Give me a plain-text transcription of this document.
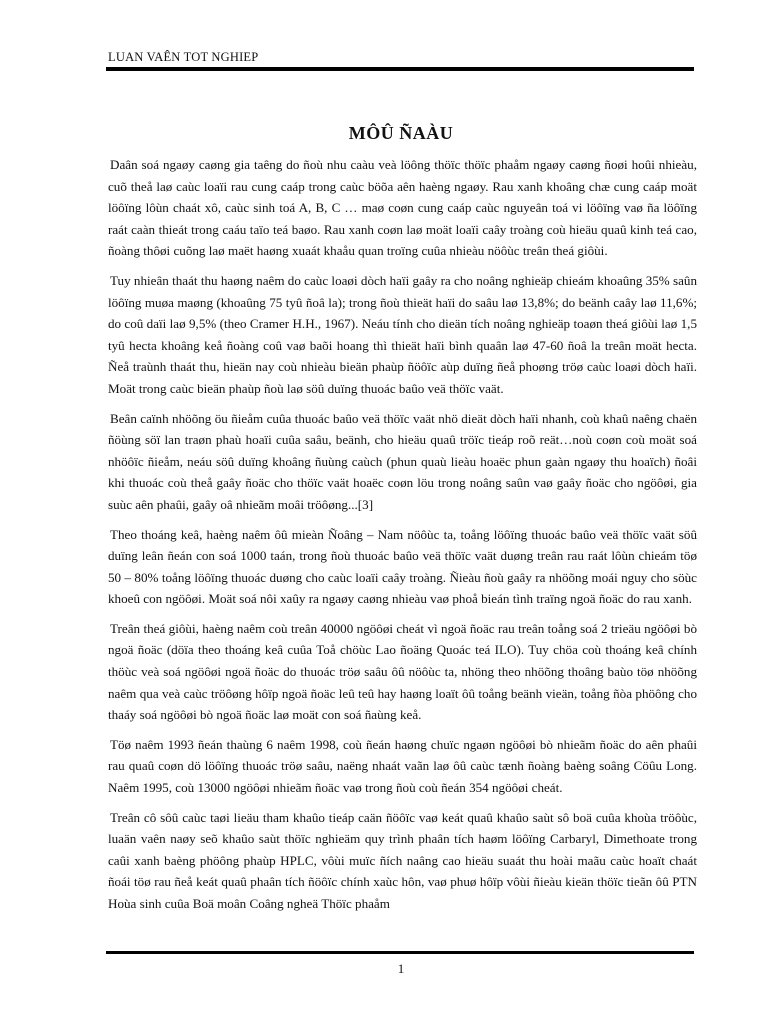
LUAN VAÊN TOT NGHIEP
MÔÛ ÑAÀU

Daân soá ngaøy caøng gia taêng do ñoù nhu caàu veà löông thöïc thöïc phaåm ngaøy caøng ñoøi hoûi nhieàu, cuõ theå laø caùc loaïi rau cung caáp trong caùc böõa aên haèng ngaøy. Rau xanh khoâng chæ cung caáp moät löôïng lôùn chaát xô, caùc sinh toá A, B, C … maø coøn cung caáp caùc nguyeân toá vi löôïng vaø ña löôïng raát caàn thieát trong caáu taïo teá baøo. Rau xanh coøn laø moät loaïi caây troàng coù hieäu quaû kinh teá cao, ñoàng thôøi cuõng laø maët haøng xuaát khaåu quan troïng cuûa nhieàu nöôùc treân theá giôùi.

Tuy nhieân thaát thu haøng naêm do caùc loaøi dòch haïi gaây ra cho noâng nghieäp chieám khoaûng 35% saûn löôïng muøa maøng (khoaûng 75 tyû ñoâ la); trong ñoù thieät haïi do saâu laø 13,8%; do beänh caây laø 11,6%; do coû daïi laø 9,5% (theo Cramer H.H., 1967). Neáu tính cho dieän tích noâng nghieäp toaøn theá giôùi laø 1,5 tyû hecta khoâng keå ñoàng coû vaø baõi hoang thì thieät haïi bình quaân laø 47-60 ñoâ la treân moät hecta. Ñeå traùnh thaát thu, hieän nay coù nhieàu bieän phaùp ñöôïc aùp duïng ñeå phoøng tröø caùc loaøi dòch haïi. Moät trong caùc bieän phaùp ñoù laø söû duïng thuoác baûo veä thöïc vaät.

Beân caïnh nhöõng öu ñieåm cuûa thuoác baûo veä thöïc vaät nhö dieät dòch haïi nhanh, coù khaû naêng chaën ñöùng söï lan traøn phaù hoaïi cuûa saâu, beänh, cho hieäu quaû tröïc tieáp roõ reät…noù coøn coù moät soá nhöôïc ñieåm, neáu söû duïng khoâng ñuùng caùch (phun quaù lieàu hoaëc phun gaàn ngaøy thu hoaïch) ñoâi khi thuoác coù theå gaây ñoäc cho thöïc vaät hoaëc coøn löu trong noâng saûn vaø gaây ñoäc cho ngöôøi, gia suùc aên phaûi, gaây oâ nhieãm moâi tröôøng...[3]

Theo thoáng keâ, haèng naêm ôû mieàn Ñoâng – Nam nöôùc ta, toång löôïng thuoác baûo veä thöïc vaät söû duïng leân ñeán con soá 1000 taán, trong ñoù thuoác baûo veä thöïc vaät duøng treân rau raát lôùn chieám töø 50 – 80% toång löôïng thuoác duøng cho caùc loaïi caây troàng. Ñieàu ñoù gaây ra nhöõng moái nguy cho söùc khoeû con ngöôøi. Moät soá nôi xaûy ra ngaøy caøng nhieàu vaø phoå bieán tình traïng ngoä ñoäc do rau xanh.

Treân theá giôùi, haèng naêm coù treân 40000 ngöôøi cheát vì ngoä ñoäc rau treân toång soá 2 trieäu ngöôøi bò ngoä ñoäc (döïa theo thoáng keâ cuûa Toå chöùc Lao ñoäng Quoác teá ILO). Tuy chöa coù thoáng keâ chính thöùc veà soá ngöôøi ngoä ñoäc do thuoác tröø saâu ôû nöôùc ta, nhöng theo nhöõng thoâng baùo töø nhöõng naêm qua veà caùc tröôøng hôïp ngoä ñoäc leû teû hay haøng loaït ôû toång beänh vieän, toång ñòa phöông cho thaáy soá ngöôøi bò ngoä ñoäc laø moät con soá ñaùng keå.

Töø naêm 1993 ñeán thaùng 6 naêm 1998, coù ñeán haøng chuïc ngaøn ngöôøi bò nhieãm ñoäc do aên phaûi rau quaû coøn dö löôïng thuoác tröø saâu, naëng nhaát vaãn laø ôû caùc tænh ñoàng baèng soâng Cöûu Long. Naêm 1995, coù 13000 ngöôøi nhieãm ñoäc vaø trong ñoù coù ñeán 354 ngöôøi cheát.

Treân cô sôû caùc taøi lieäu tham khaûo tieáp caän ñöôïc vaø keát quaû khaûo saùt sô boä cuûa khoùa tröôùc, luaän vaên naøy seõ khaûo saùt thöïc nghieäm quy trình phaân tích haøm löôïng Carbaryl, Dimethoate trong caûi xanh baèng phöông phaùp HPLC, vôùi muïc ñích naâng cao hieäu suaát thu hoài maãu caùc hoaït chaát ñoái töø rau ñeå keát quaû phaân tích ñöôïc chính xaùc hôn, vaø phuø hôïp vôùi ñieàu kieän thöïc tieãn ôû PTN Hoùa sinh cuûa Boä moân Coâng ngheä Thöïc phaåm

1
